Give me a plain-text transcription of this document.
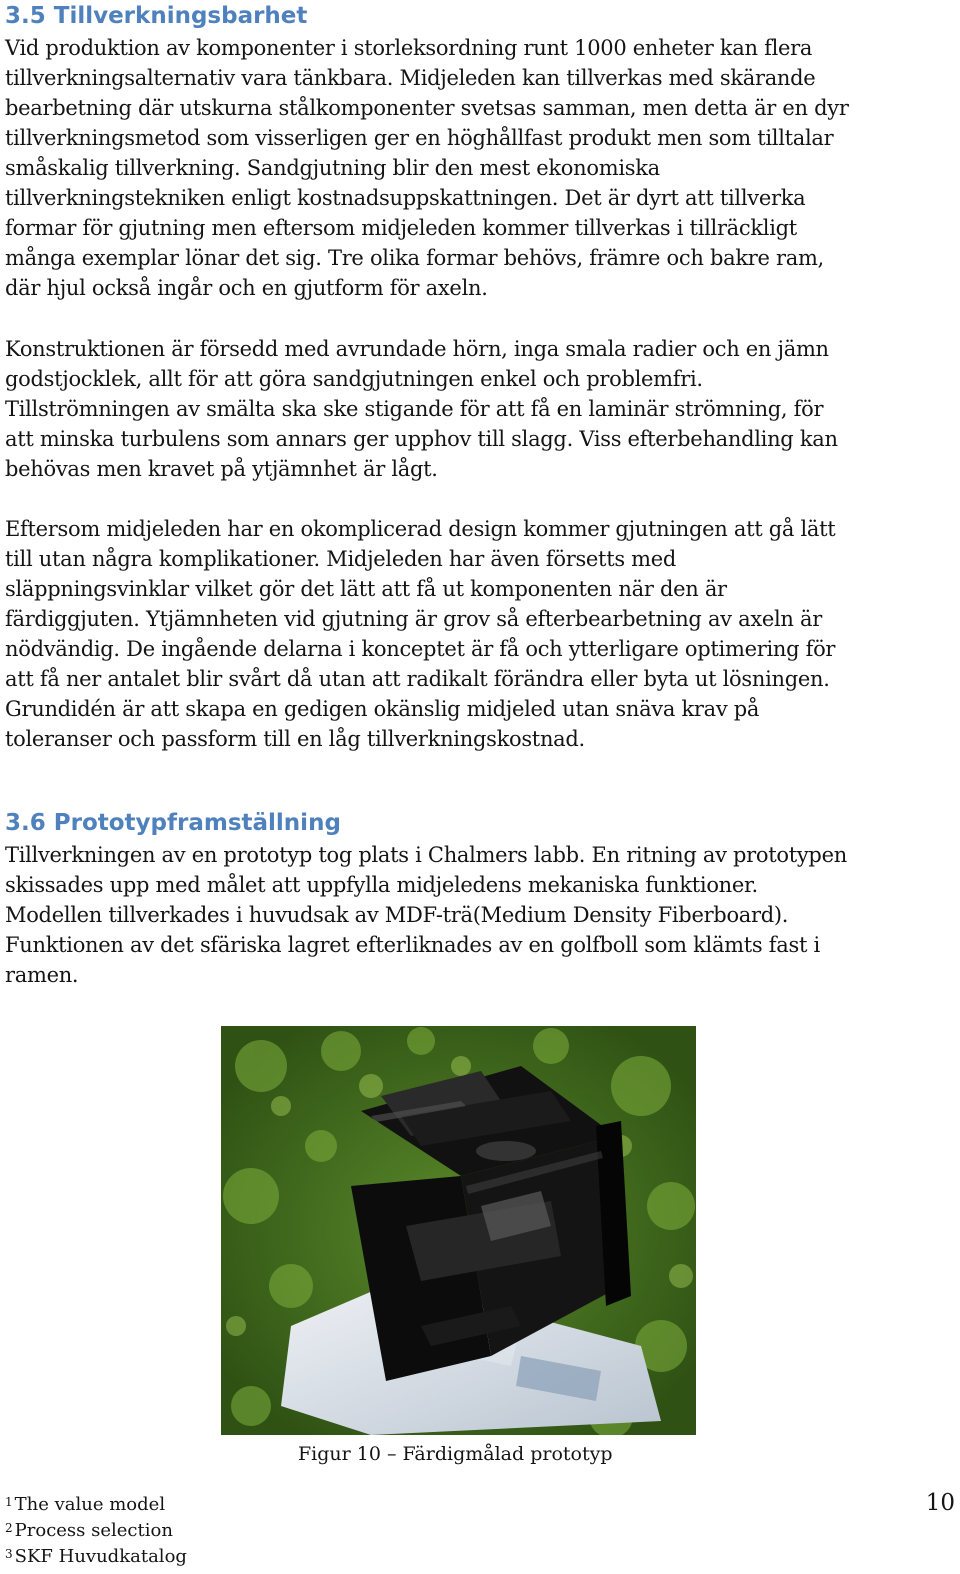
3.5 Tillverkningsbarhet
Vid produktion av komponenter i storleksordning runt 1000 enheter kan flera
tillverkningsalternativ vara tänkbara. Midjeleden kan tillverkas med skärande
bearbetning där utskurna stålkomponenter svetsas samman, men detta är en dyr
tillverkningsmetod som visserligen ger en höghållfast produkt men som tilltalar
småskalig tillverkning. Sandgjutning blir den mest ekonomiska
tillverkningstekniken enligt kostnadsuppskattningen. Det är dyrt att tillverka
formar för gjutning men eftersom midjeleden kommer tillverkas i tillräckligt
många exemplar lönar det sig. Tre olika formar behövs, främre och bakre ram,
där hjul också ingår och en gjutform för axeln.
Konstruktionen är försedd med avrundade hörn, inga smala radier och en jämn
godstjocklek, allt för att göra sandgjutningen enkel och problemfri.
Tillströmningen av smälta ska ske stigande för att få en laminär strömning, för
att minska turbulens som annars ger upphov till slagg. Viss efterbehandling kan
behövas men kravet på ytjämnhet är lågt.
Eftersom midjeleden har en okomplicerad design kommer gjutningen att gå lätt
till utan några komplikationer. Midjeleden har även försetts med
släppningsvinklar vilket gör det lätt att få ut komponenten när den är
färdiggjuten. Ytjämnheten vid gjutning är grov så efterbearbetning av axeln är
nödvändig. De ingående delarna i konceptet är få och ytterligare optimering för
att få ner antalet blir svårt då utan att radikalt förändra eller byta ut lösningen.
Grundidén är att skapa en gedigen okänslig midjeled utan snäva krav på
toleranser och passform till en låg tillverkningskostnad.
3.6 Prototypframställning
Tillverkningen av en prototyp tog plats i Chalmers labb. En ritning av prototypen
skissades upp med målet att uppfylla midjeledens mekaniska funktioner.
Modellen tillverkades i huvudsak av MDF-trä(Medium Density Fiberboard).
Funktionen av det sfäriska lagret efterliknades av en golfboll som klämts fast i
ramen.
Figur 10 – Färdigmålad prototyp
$^1$ The value model
$^2$ Process selection
$^3$ SKF Huvudkatalog
10
